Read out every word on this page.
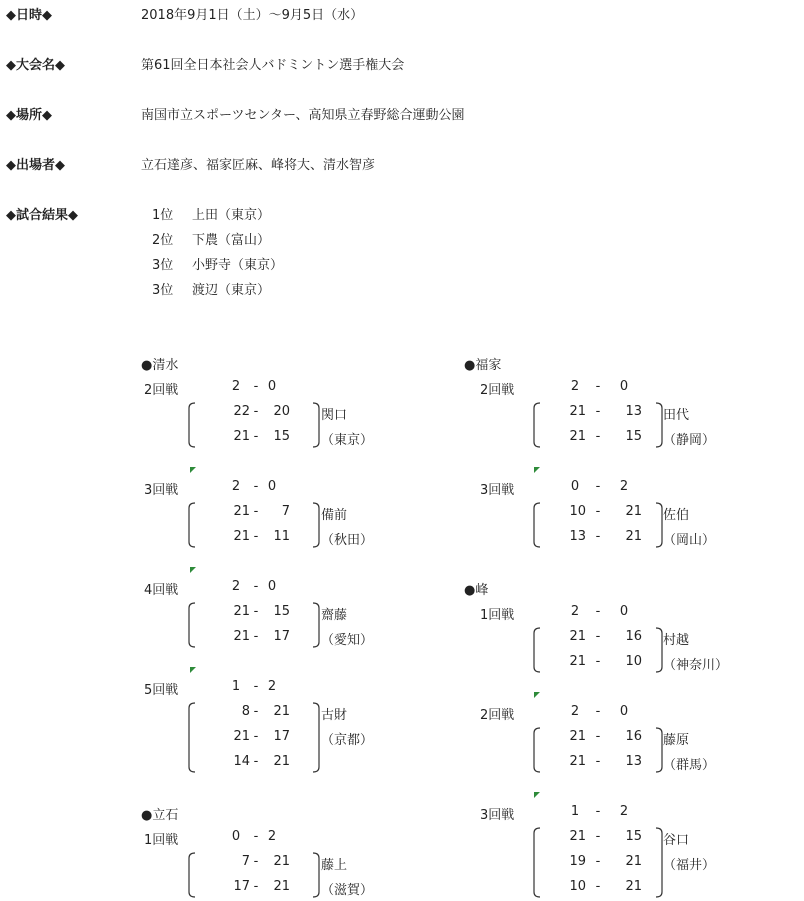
◆日時◆	2018年9月1日（土）〜9月5日（水）
◆大会名◆	第61回全日本社会人バドミントン選手権大会
◆場所◆	南国市立スポーツセンター、高知県立春野総合運動公園
◆出場者◆	立石達彦、福家匠麻、峰将大、清水智彦
◆試合結果◆	1位 上田（東京）
2位 下農（富山）
3位 小野寺（東京）
3位 渡辺（東京）
●清水
2回戦	2	- 0
22 -	20
21 -	15
関口
（東京）
3回戦	2	- 0
21 -	7
21 -	11
備前
（秋田）
4回戦	2	- 0
21 -	15
21 -	17
齋藤
（愛知）
5回戦	1	- 2
8 -	21
21 -	17
14 -	21
古財
（京都）
●立石
1回戦	0	- 2
7 -	21
17 -	21
藤上
（滋賀）
●福家
2回戦	2	-	0
21 -	13
21 -	15
田代
（静岡）
3回戦	0	-	2
10 -	21
13 -	21
佐伯
（岡山）
●峰
1回戦	2	-	0
21 -	16
21 -	10
村越
（神奈川）
2回戦	2	-	0
21 -	16
21 -	13
藤原
（群馬）
3回戦	1	-	2
21 -	15
19 -	21
10 -	21
谷口
（福井）
